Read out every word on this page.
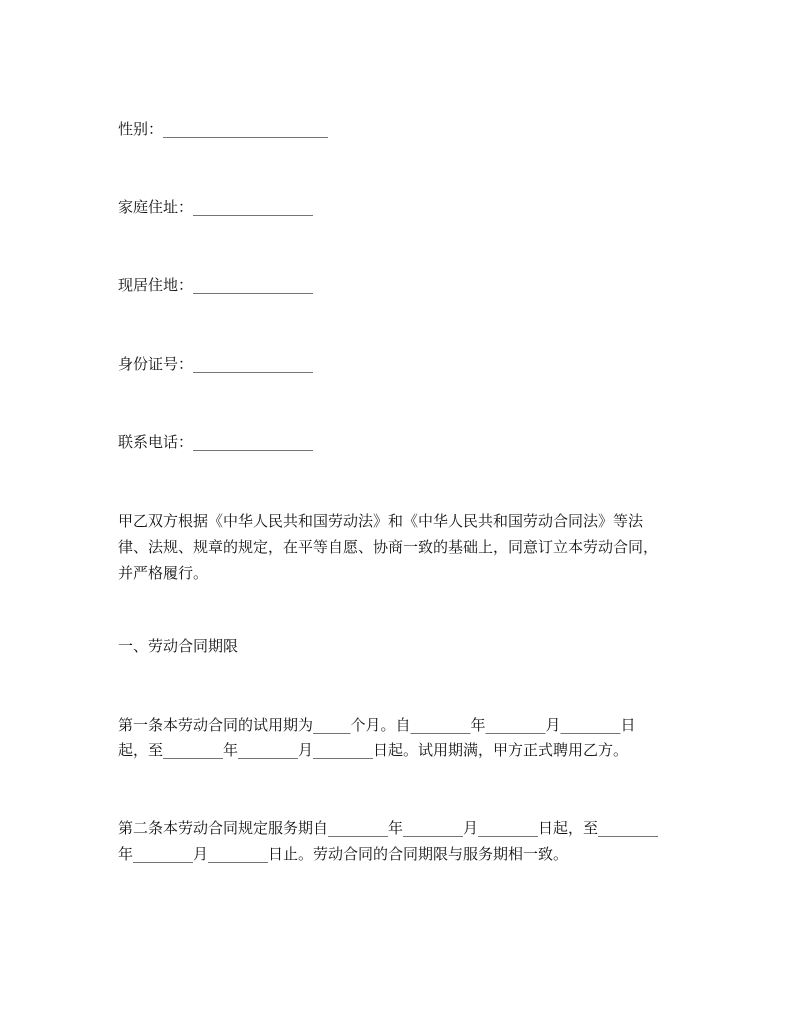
性别：______________________
家庭住址：________________
现居住地：________________
身份证号：________________
联系电话：________________
甲乙双方根据《中华人民共和国劳动法》和《中华人民共和国劳动合同法》等法
律、法规、规章的规定，在平等自愿、协商一致的基础上，同意订立本劳动合同，
并严格履行。
一、劳动合同期限
第一条本劳动合同的试用期为_____个月。自________年________月________日
起，至________年________月________日起。试用期满，甲方正式聘用乙方。
第二条本劳动合同规定服务期自________年________月________日起，至________
年________月________日止。劳动合同的合同期限与服务期相一致。
